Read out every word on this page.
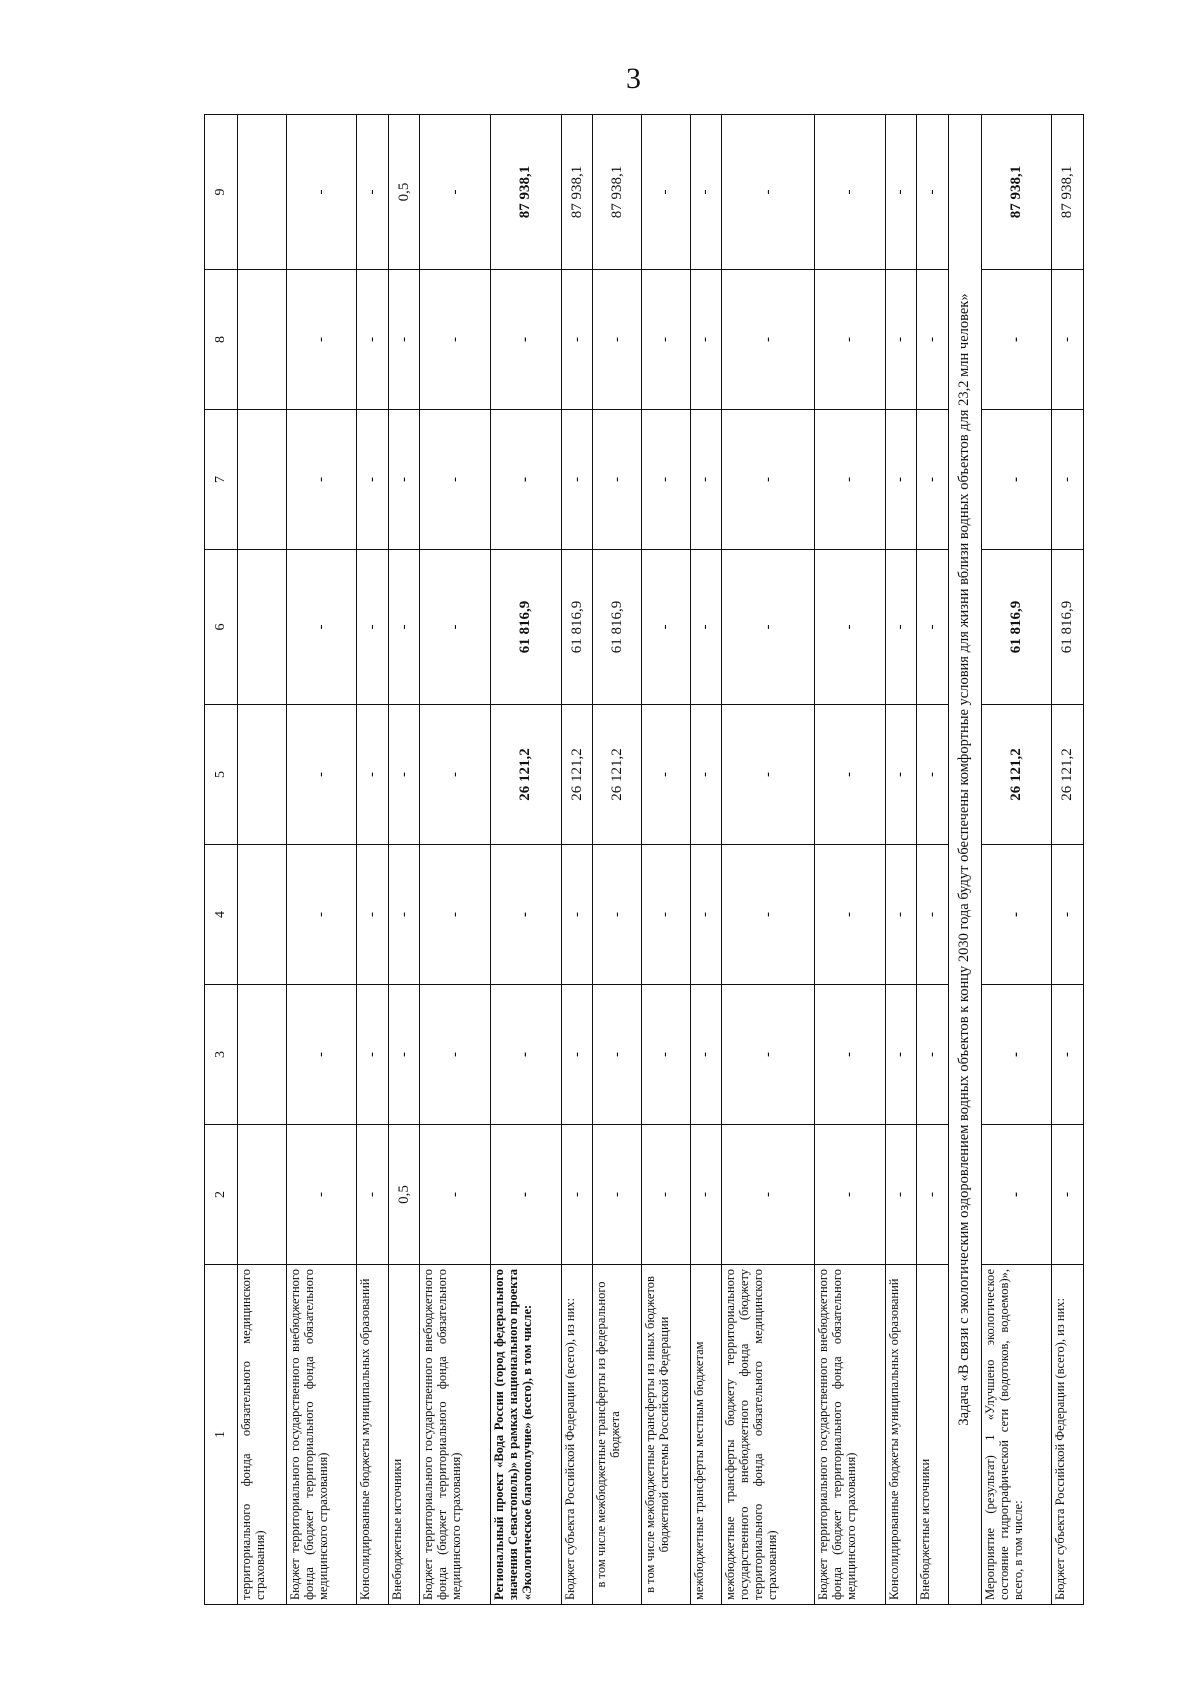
3
1	2	3	4	5	6	7	8	9
территориального фонда обязательного медицинского страхования)								
Бюджет территориального государственного внебюджетного фонда (бюджет территориального фонда обязательного медицинского страхования)	-	-	-	-	-	-	-	-
Консолидированные бюджеты муниципальных образований	-	-	-	-	-	-	-	-
Внебюджетные источники	0,5	-	-	-	-	-	-	0,5
Бюджет территориального государственного внебюджетного фонда (бюджет территориального фонда обязательного медицинского страхования)	-	-	-	-	-	-	-	-
Региональный проект «Вода России (город федерального значения Севастополь)» в рамках национального проекта «Экологическое благополучие» (всего), в том числе:	-	-	-	26 121,2	61 816,9	-	-	87 938,1
Бюджет субъекта Российской Федерации (всего), из них:	-	-	-	26 121,2	61 816,9	-	-	87 938,1
в том числе межбюджетные трансферты из федерального бюджета	-	-	-	26 121,2	61 816,9	-	-	87 938,1
в том числе межбюджетные трансферты из иных бюджетов бюджетной системы Российской Федерации	-	-	-	-	-	-	-	-
межбюджетные трансферты местным бюджетам	-	-	-	-	-	-	-	-
межбюджетные трансферты бюджету территориального государственного внебюджетного фонда (бюджету территориального фонда обязательного медицинского страхования)	-	-	-	-	-	-	-	-
Бюджет территориального государственного внебюджетного фонда (бюджет территориального фонда обязательного медицинского страхования)	-	-	-	-	-	-	-	-
Консолидированные бюджеты муниципальных образований	-	-	-	-	-	-	-	-
Внебюджетные источники	-	-	-	-	-	-	-	-
Задача «В связи с экологическим оздоровлением водных объектов к концу 2030 года будут обеспечены комфортные условия для жизни вблизи водных объектов для 23,2 млн человек»								
Мероприятие (результат) 1 «Улучшено экологическое состояние гидрографической сети (водотоков, водоемов)», всего, в том числе:	-	-	-	26 121,2	61 816,9	-	-	87 938,1
Бюджет субъекта Российской Федерации (всего), из них:	-	-	-	26 121,2	61 816,9	-	-	87 938,1
